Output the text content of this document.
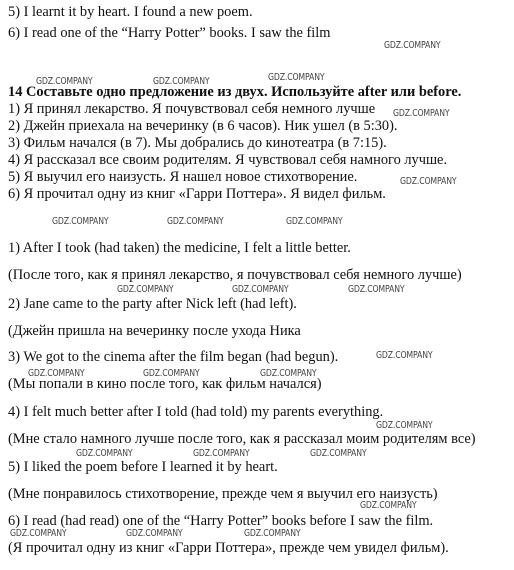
5) I learnt it by heart. I found a new poem.
6) I read one of the “Harry Potter” books. I saw the film
14 Составьте одно предложение из двух. Используйте after или before.
1) Я принял лекарство. Я почувствовал себя немного лучше
2) Джейн приехала на вечеринку (в 6 часов). Ник ушел (в 5:30).
3) Фильм начался (в 7). Мы добрались до кинотеатра (в 7:15).
4) Я рассказал все своим родителям. Я чувствовал себя намного лучше.
5) Я выучил его наизусть. Я нашел новое стихотворение.
6) Я прочитал одну из книг «Гарри Поттера». Я видел фильм.
1) After I took (had taken) the medicine, I felt a little better.
(После того, как я принял лекарство, я почувствовал себя немного лучше)
2) Jane came to the party after Nick left (had left).
(Джейн пришла на вечеринку после ухода Ника
3) We got to the cinema after the film began (had begun).
(Мы попали в кино после того, как фильм начался)
4) I felt much better after I told (had told) my parents everything.
(Мне стало намного лучше после того, как я рассказал моим родителям все)
5) I liked the poem before I learned it by heart.
(Мне понравилось стихотворение, прежде чем я выучил его наизусть)
6) I read (had read) one of the “Harry Potter” books before I saw the film.
(Я прочитал одну из книг «Гарри Поттера», прежде чем увидел фильм).
GDZ.COMPANY
GDZ.COMPANY	GDZ.COMPANY	GDZ.COMPANY
GDZ.COMPANY
GDZ.COMPANY
GDZ.COMPANY	GDZ.COMPANY	GDZ.COMPANY
GDZ.COMPANY	GDZ.COMPANY	GDZ.COMPANY
GDZ.COMPANY
GDZ.COMPANY	GDZ.COMPANY	GDZ.COMPANY
GDZ.COMPANY
GDZ.COMPANY	GDZ.COMPANY	GDZ.COMPANY
GDZ.COMPANY
GDZ.COMPANY	GDZ.COMPANY	GDZ.COMPANY
